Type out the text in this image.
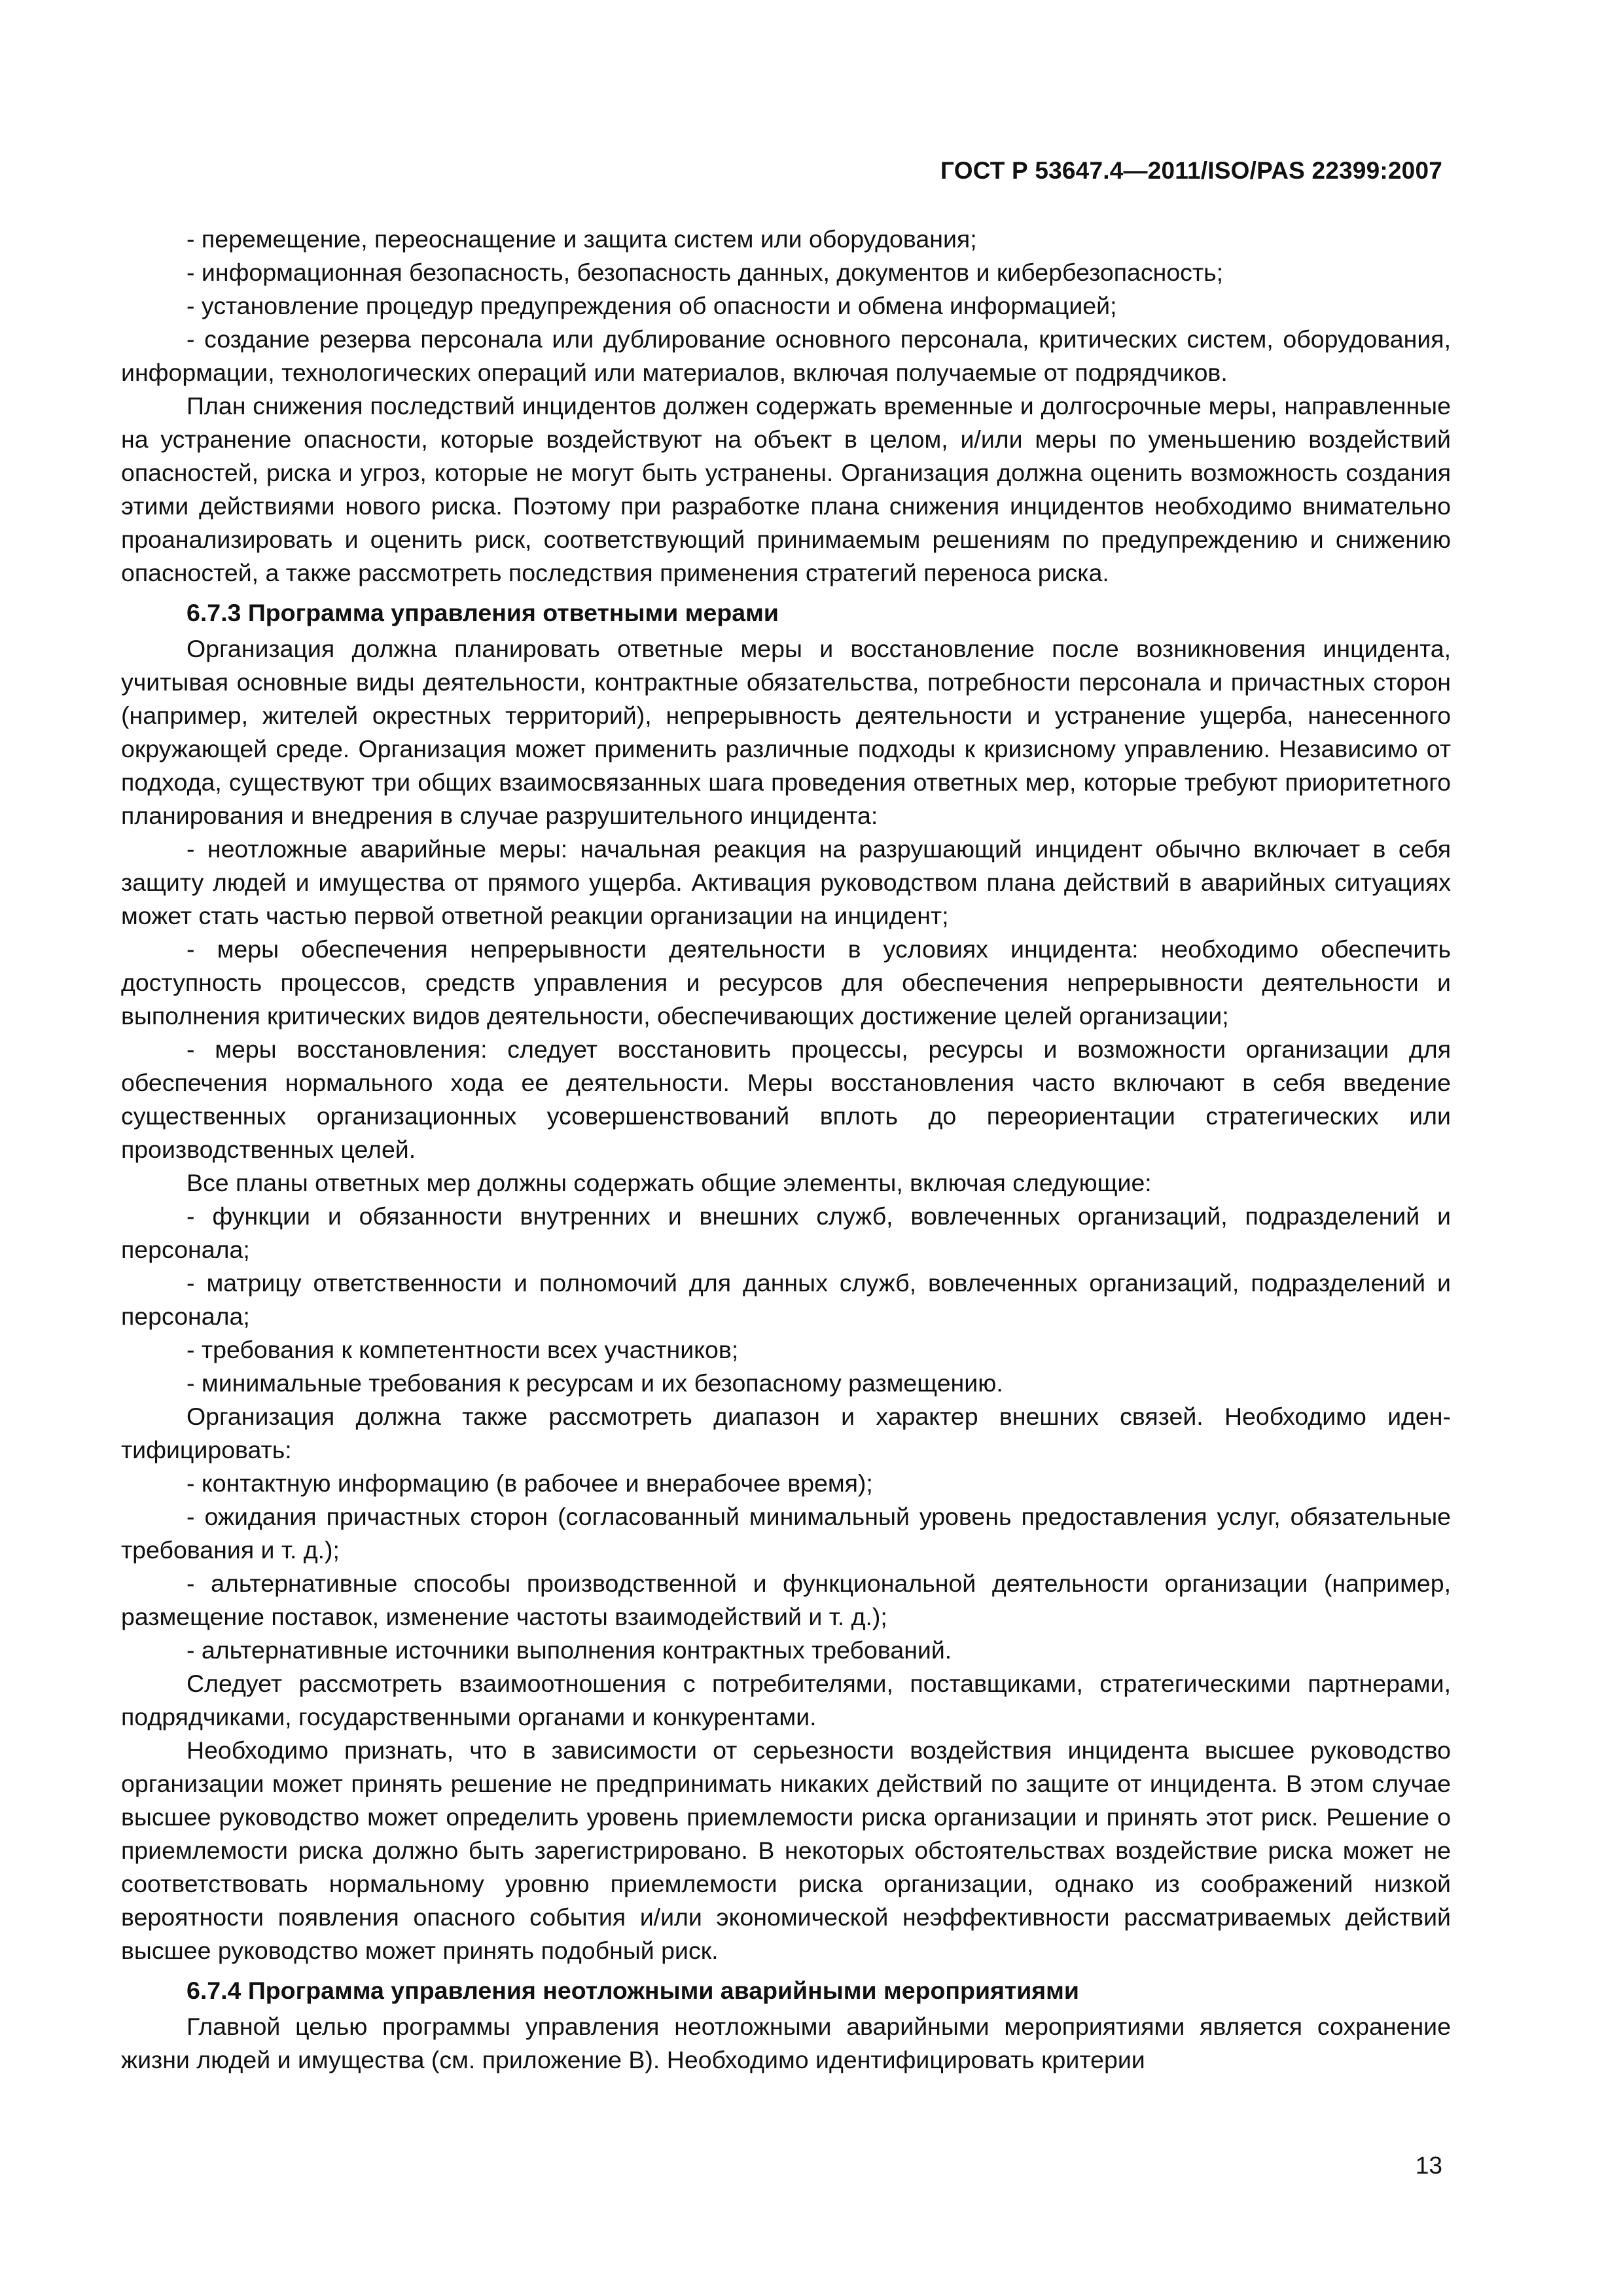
ГОСТ Р 53647.4—2011/ISO/PAS 22399:2007

- перемещение, переоснащение и защита систем или оборудования;

- информационная безопасность, безопасность данных, документов и кибербезопасность;

- установление процедур предупреждения об опасности и обмена информацией;

- создание резерва персонала или дублирование основного персонала, критических систем, оборудования, информации, технологических операций или материалов, включая получаемые от подрядчиков.

План снижения последствий инцидентов должен содержать временные и долгосрочные меры, направленные на устранение опасности, которые воздействуют на объект в целом, и/или меры по уменьшению воздействий опасностей, риска и угроз, которые не могут быть устранены. Организация должна оценить возможность создания этими действиями нового риска. Поэтому при разработке плана снижения инцидентов необходимо внимательно проанализировать и оценить риск, соответствующий принимаемым решениям по предупреждению и снижению опасностей, а также рассмотреть последствия применения стратегий переноса риска.

6.7.3 Программа управления ответными мерами

Организация должна планировать ответные меры и восстановление после возникновения инцидента, учитывая основные виды деятельности, контрактные обязательства, потребности персонала и причастных сторон (например, жителей окрестных территорий), непрерывность деятельности и устранение ущерба, нанесенного окружающей среде. Организация может применить различные подходы к кризисному управлению. Независимо от подхода, существуют три общих взаимосвязанных шага проведения ответных мер, которые требуют приоритетного планирования и внедрения в случае разрушительного инцидента:

- неотложные аварийные меры: начальная реакция на разрушающий инцидент обычно включает в себя защиту людей и имущества от прямого ущерба. Активация руководством плана действий в аварийных ситуациях может стать частью первой ответной реакции организации на инцидент;

- меры обеспечения непрерывности деятельности в условиях инцидента: необходимо обеспечить доступность процессов, средств управления и ресурсов для обеспечения непрерывности деятельности и выполнения критических видов деятельности, обеспечивающих достижение целей организации;

- меры восстановления: следует восстановить процессы, ресурсы и возможности организации для обеспечения нормального хода ее деятельности. Меры восстановления часто включают в себя введение существенных организационных усовершенствований вплоть до переориентации стратегических или производственных целей.

Все планы ответных мер должны содержать общие элементы, включая следующие:

- функции и обязанности внутренних и внешних служб, вовлеченных организаций, подразделений и персонала;

- матрицу ответственности и полномочий для данных служб, вовлеченных организаций, подразделений и персонала;

- требования к компетентности всех участников;

- минимальные требования к ресурсам и их безопасному размещению.

Организация должна также рассмотреть диапазон и характер внешних связей. Необходимо идентифицировать:

- контактную информацию (в рабочее и внерабочее время);

- ожидания причастных сторон (согласованный минимальный уровень предоставления услуг, обязательные требования и т. д.);

- альтернативные способы производственной и функциональной деятельности организации (например, размещение поставок, изменение частоты взаимодействий и т. д.);

- альтернативные источники выполнения контрактных требований.

Следует рассмотреть взаимоотношения с потребителями, поставщиками, стратегическими партнерами, подрядчиками, государственными органами и конкурентами.

Необходимо признать, что в зависимости от серьезности воздействия инцидента высшее руководство организации может принять решение не предпринимать никаких действий по защите от инцидента. В этом случае высшее руководство может определить уровень приемлемости риска организации и принять этот риск. Решение о приемлемости риска должно быть зарегистрировано. В некоторых обстоятельствах воздействие риска может не соответствовать нормальному уровню приемлемости риска организации, однако из соображений низкой вероятности появления опасного события и/или экономической неэффективности рассматриваемых действий высшее руководство может принять подобный риск.

6.7.4 Программа управления неотложными аварийными мероприятиями

Главной целью программы управления неотложными аварийными мероприятиями является сохранение жизни людей и имущества (см. приложение В). Необходимо идентифицировать критерии

13
